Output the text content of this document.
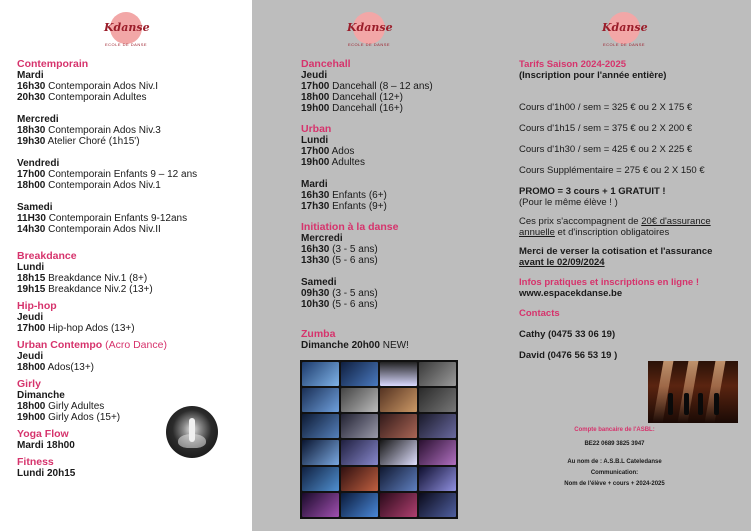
Kdanse
ECOLE DE DANSE
Contemporain
Mardi
16h30 Contemporain Ados Niv.I
20h30 Contemporain Adultes
Mercredi
18h30 Contemporain Ados Niv.3
19h30 Atelier Choré (1h15')
Vendredi
17h00 Contemporain Enfants 9 – 12 ans
18h00 Contemporain Ados Niv.1
Samedi
11H30 Contemporain Enfants 9-12ans
14h30 Contemporain Ados Niv.II
Breakdance
Lundi
18h15 Breakdance Niv.1 (8+)
19h15 Breakdance Niv.2 (13+)
Hip-hop
Jeudi
17h00 Hip-hop Ados (13+)
Urban Contempo (Acro Dance)
Jeudi
18h00 Ados(13+)
Girly
Dimanche
18h00 Girly Adultes
19h00 Girly Ados (15+)
Yoga Flow
Mardi 18h00
Fitness
Lundi 20h15
Kdanse
ECOLE DE DANSE
Dancehall
Jeudi
17h00 Dancehall (8 – 12 ans)
18h00 Dancehall (12+)
19h00 Dancehall (16+)
Urban
Lundi
17h00 Ados
19h00 Adultes
Mardi
16h30 Enfants (6+)
17h30 Enfants (9+)
Initiation à la danse
Mercredi
16h30 (3 - 5 ans)
13h30 (5 - 6 ans)
Samedi
09h30 (3 - 5 ans)
10h30 (5 - 6 ans)
Zumba
Dimanche 20h00 NEW!
Kdanse
ECOLE DE DANSE
Tarifs Saison 2024-2025
(Inscription pour l'année entière)
Cours d'1h00 / sem = 325 € ou 2 X 175 €
Cours d'1h15 / sem = 375 € ou 2 X 200 €
Cours d'1h30 / sem = 425 € ou 2 X 225 €
Cours Supplémentaire = 275 € ou 2 X 150 €
PROMO = 3 cours + 1 GRATUIT !
(Pour le même élève ! )
Ces prix s'accompagnent de 20€ d'assurance annuelle et d'inscription obligatoires
Merci de verser la cotisation et l'assurance
avant le 02/09/2024
Infos pratiques et inscriptions en ligne !
www.espacekdanse.be
Contacts
Cathy (0475 33 06 19)
David (0476 56 53 19 )
Compte bancaire de l'ASBL:
BE22 0689 3825 3947
Au nom de : A.S.B.L Cateledanse
Communication:
Nom de l'élève + cours + 2024-2025
